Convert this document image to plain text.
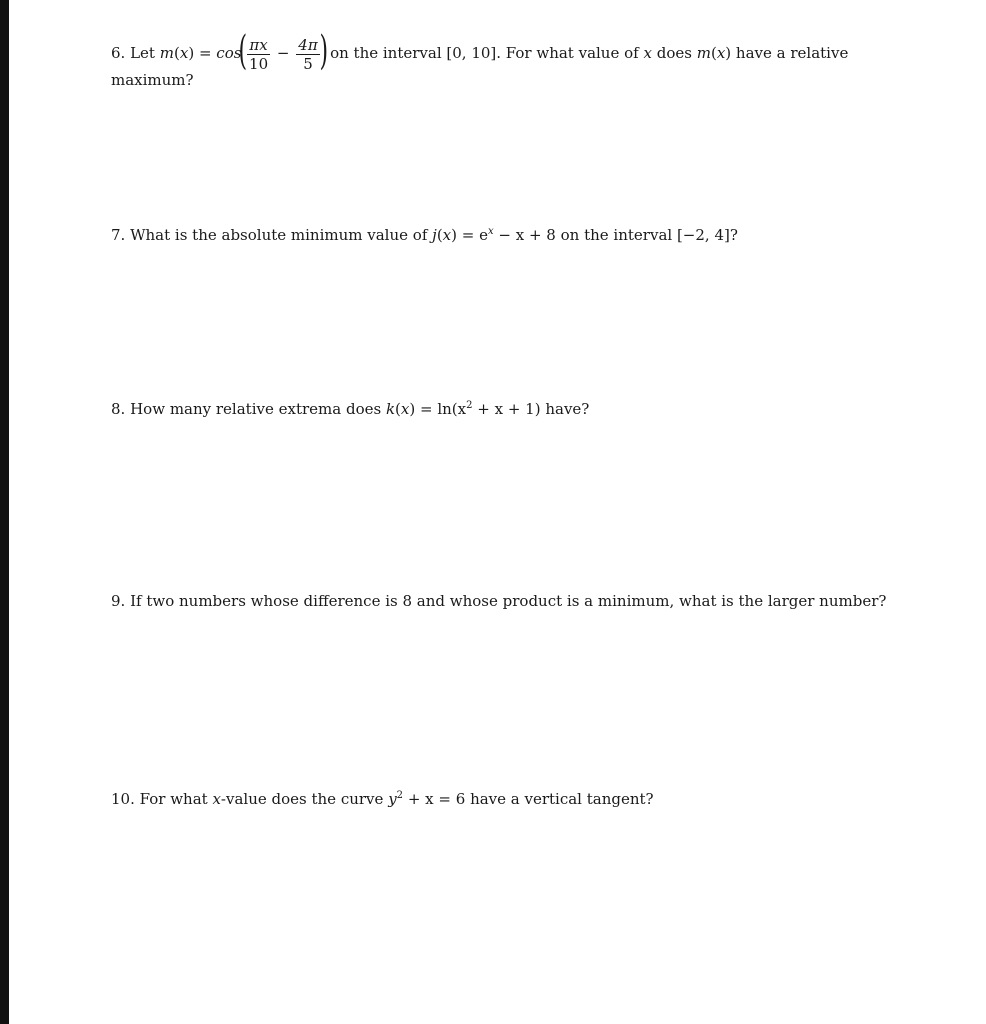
6. Let $m(x) = \cos( \frac{\pi x}{10} - \frac{4\pi}{5}$ ) on the interval [0, 10]. For what value of x does m(x) have a relative
maximum?
7. What is the absolute minimum value of $j(x) = e^x - x + 8$ on the interval [−2, 4]?
8. How many relative extrema does $k(x) = \ln(x^2 + x + 1)$ have?
9. If two numbers whose difference is 8 and whose product is a minimum, what is the larger number?
10. For what x-value does the curve $y^2 + x = 6$ have a vertical tangent?
